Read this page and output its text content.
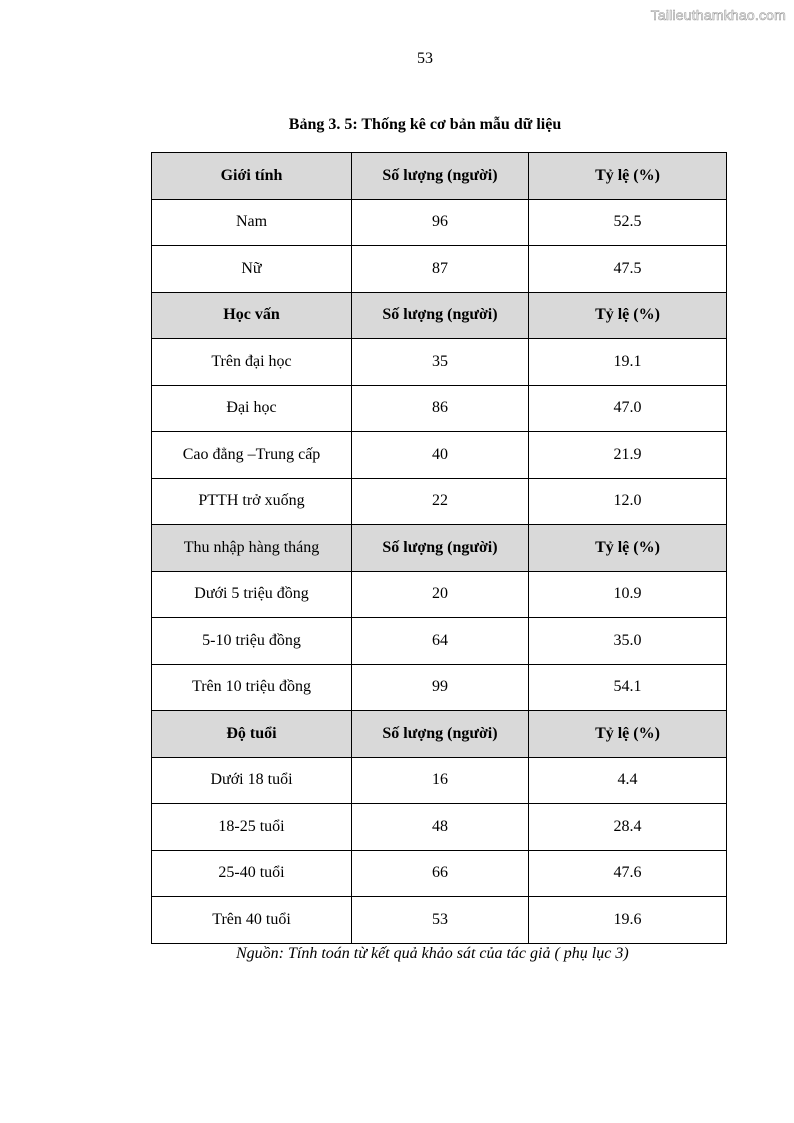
Tailieuthamkhao.com
53
Bảng 3. 5: Thống kê cơ bản mẫu dữ liệu
Giới tính	Số lượng (người)	Tỷ lệ (%)
Nam	96	52.5
Nữ	87	47.5
Học vấn	Số lượng (người)	Tỷ lệ (%)
Trên đại học	35	19.1
Đại học	86	47.0
Cao đẳng –Trung cấp	40	21.9
PTTH trở xuống	22	12.0
Thu nhập hàng tháng	Số lượng (người)	Tỷ lệ (%)
Dưới 5 triệu đồng	20	10.9
5-10 triệu đồng	64	35.0
Trên 10 triệu đồng	99	54.1
Độ tuổi	Số lượng (người)	Tỷ lệ (%)
Dưới 18 tuổi	16	4.4
18-25 tuổi	48	28.4
25-40 tuổi	66	47.6
Trên 40 tuổi	53	19.6
Nguồn: Tính toán từ kết quả khảo sát của tác giả ( phụ lục 3)
